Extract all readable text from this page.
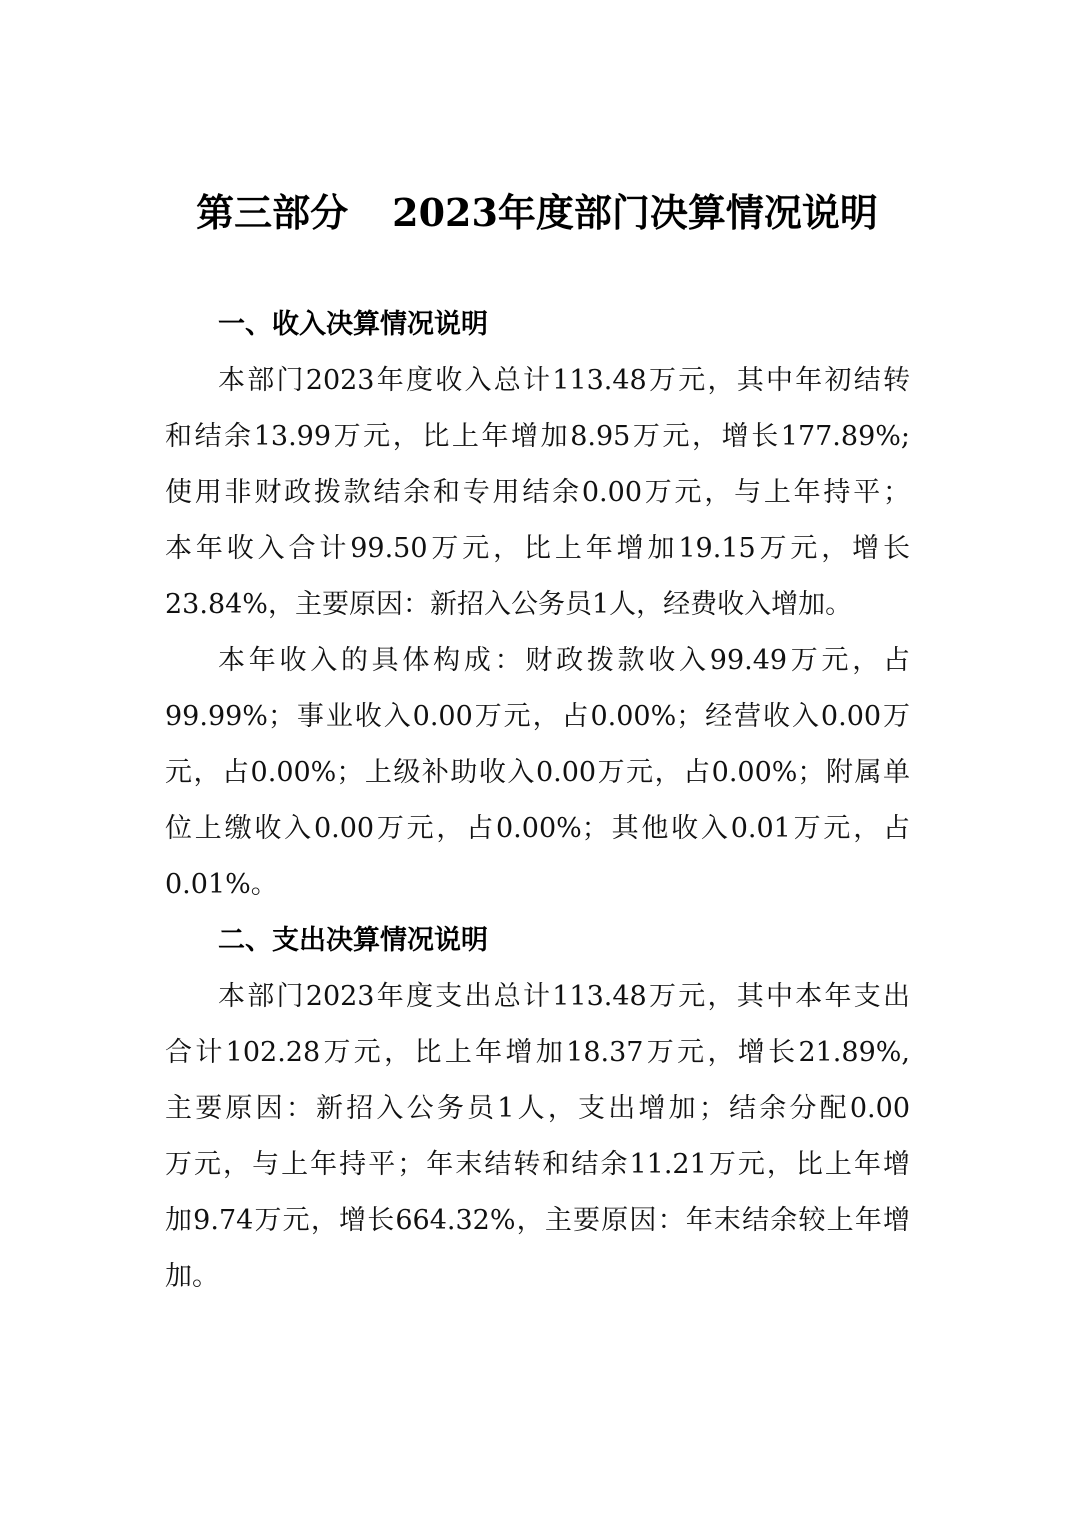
第三部分 2023年度部门决算情况说明
一、收入决算情况说明
本部门2023年度收入总计113.48万元，其中年初结转
和结余13.99万元，比上年增加8.95万元，增长177.89%;
使用非财政拨款结余和专用结余0.00万元，与上年持平；
本年收入合计99.50万元，比上年增加19.15万元，增长
23.84%，主要原因：新招入公务员1人，经费收入增加。
本年收入的具体构成：财政拨款收入99.49万元，占
99.99%；事业收入0.00万元，占0.00%；经营收入0.00万
元，占0.00%；上级补助收入0.00万元，占0.00%；附属单
位上缴收入0.00万元，占0.00%；其他收入0.01万元，占
0.01%。
二、支出决算情况说明
本部门2023年度支出总计113.48万元，其中本年支出
合计102.28万元，比上年增加18.37万元，增长21.89%,
主要原因：新招入公务员1人，支出增加；结余分配0.00
万元，与上年持平；年末结转和结余11.21万元，比上年增
加9.74万元，增长664.32%，主要原因：年末结余较上年增
加。
